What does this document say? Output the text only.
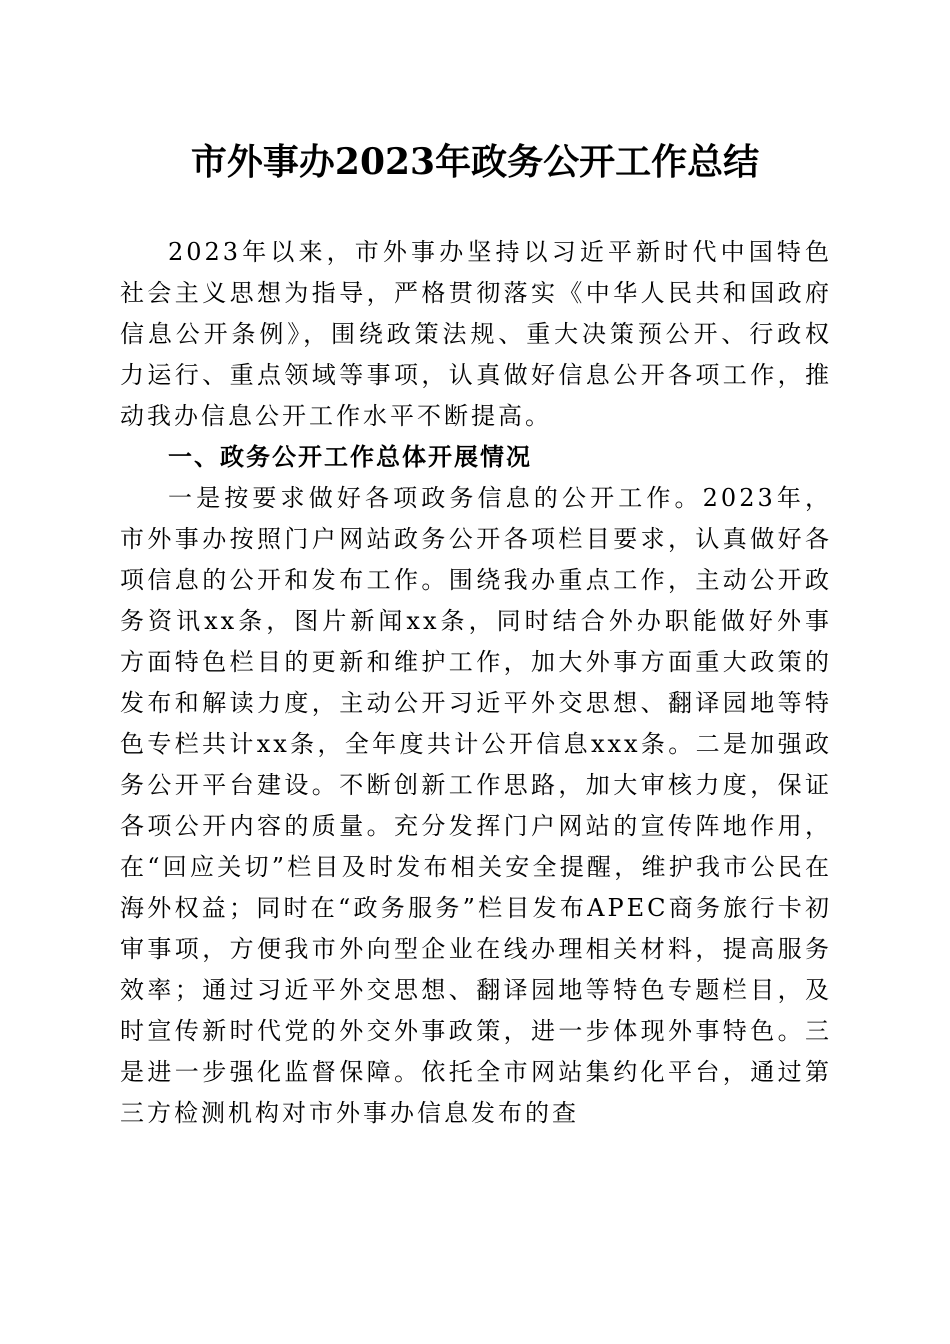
市外事办2023年政务公开工作总结

2023年以来，市外事办坚持以习近平新时代中国特色社会主义思想为指导，严格贯彻落实《中华人民共和国政府信息公开条例》，围绕政策法规、重大决策预公开、行政权力运行、重点领域等事项，认真做好信息公开各项工作，推动我办信息公开工作水平不断提高。

一、政务公开工作总体开展情况

一是按要求做好各项政务信息的公开工作。2023年，市外事办按照门户网站政务公开各项栏目要求，认真做好各项信息的公开和发布工作。围绕我办重点工作，主动公开政务资讯xx条，图片新闻xx条，同时结合外办职能做好外事方面特色栏目的更新和维护工作，加大外事方面重大政策的发布和解读力度，主动公开习近平外交思想、翻译园地等特色专栏共计xx条，全年度共计公开信息xxx条。二是加强政务公开平台建设。不断创新工作思路，加大审核力度，保证各项公开内容的质量。充分发挥门户网站的宣传阵地作用，在“回应关切”栏目及时发布相关安全提醒，维护我市公民在海外权益；同时在“政务服务”栏目发布APEC商务旅行卡初审事项，方便我市外向型企业在线办理相关材料，提高服务效率；通过习近平外交思想、翻译园地等特色专题栏目，及时宣传新时代党的外交外事政策，进一步体现外事特色。三是进一步强化监督保障。依托全市网站集约化平台，通过第三方检测机构对市外事办信息发布的查
